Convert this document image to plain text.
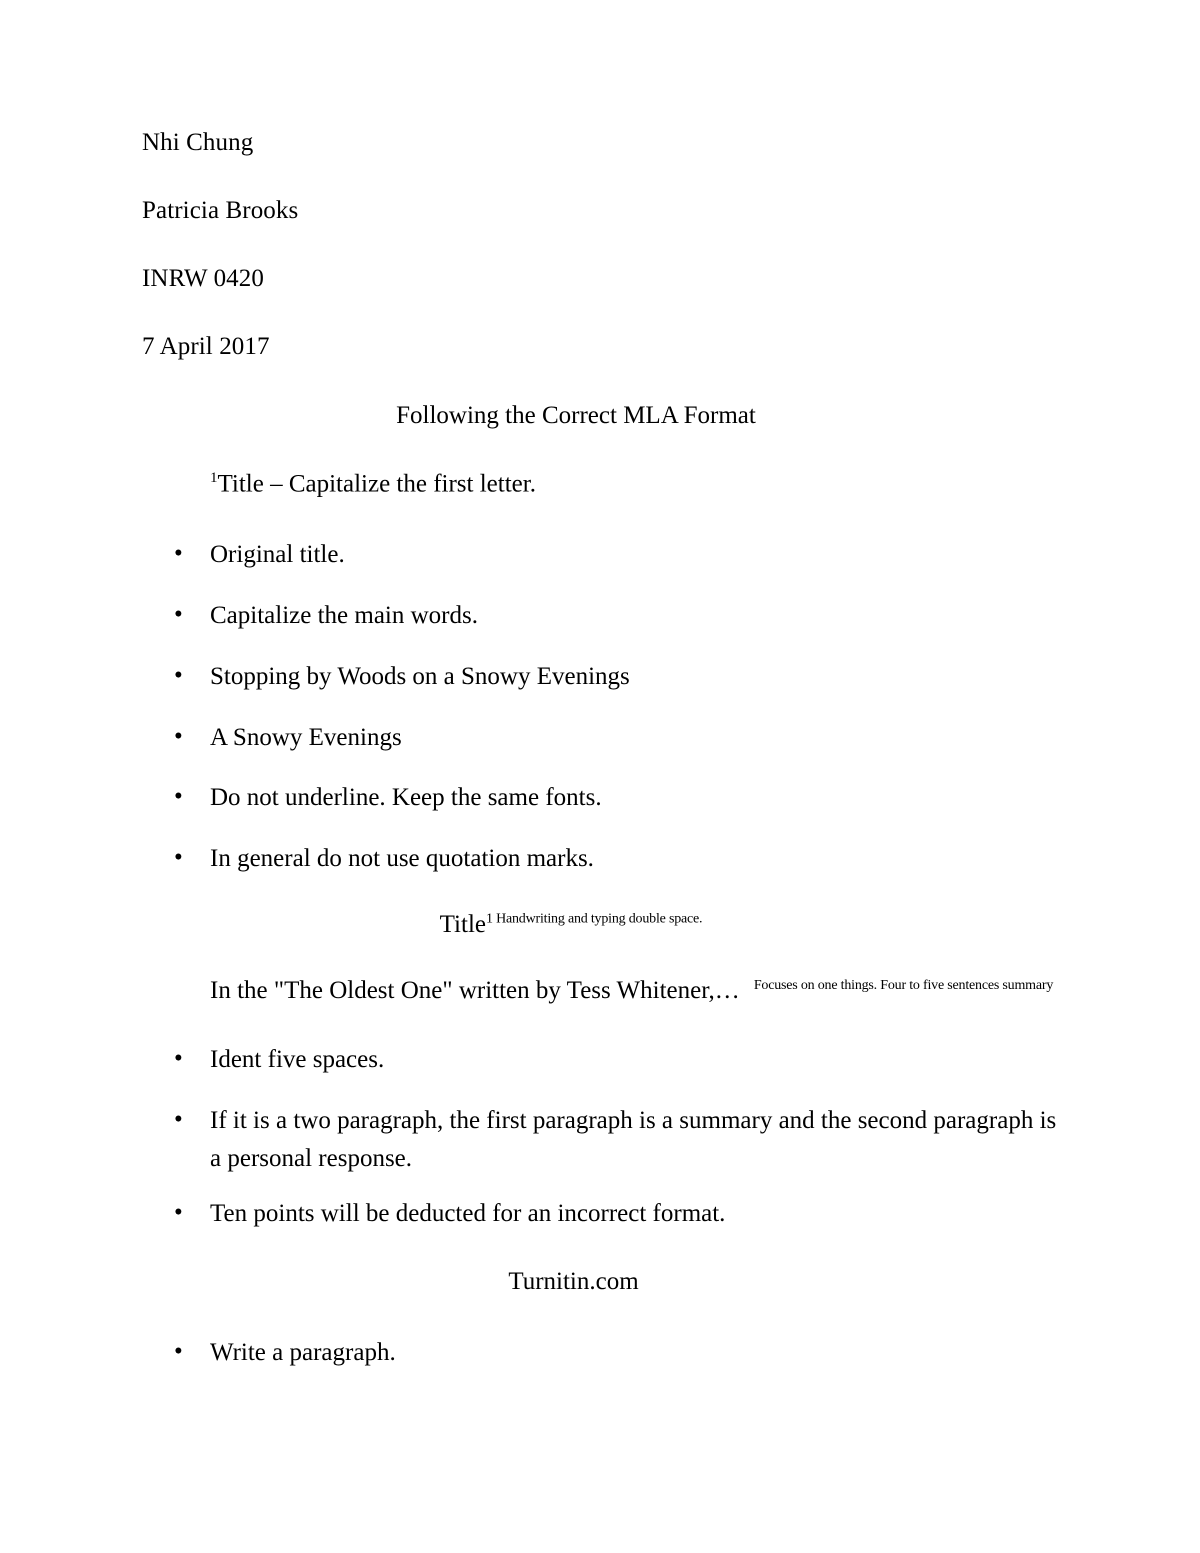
Nhi Chung
Patricia Brooks
INRW 0420
7 April 2017
Following the Correct MLA Format
$^1$Title – Capitalize the first letter.
• Original title.
• Capitalize the main words.
• Stopping by Woods on a Snowy Evenings
• A Snowy Evenings
• Do not underline. Keep the same fonts.
• In general do not use quotation marks.
Title$^{1 Handwriting and typing double space.}$
In the "The Oldest One" written by Tess Whitener,… $^{Focuses on one things. Four to five sentences summary}$
• Ident five spaces.
• If it is a two paragraph, the first paragraph is a summary and the second paragraph is a personal response.
• Ten points will be deducted for an incorrect format.
Turnitin.com
• Write a paragraph.
